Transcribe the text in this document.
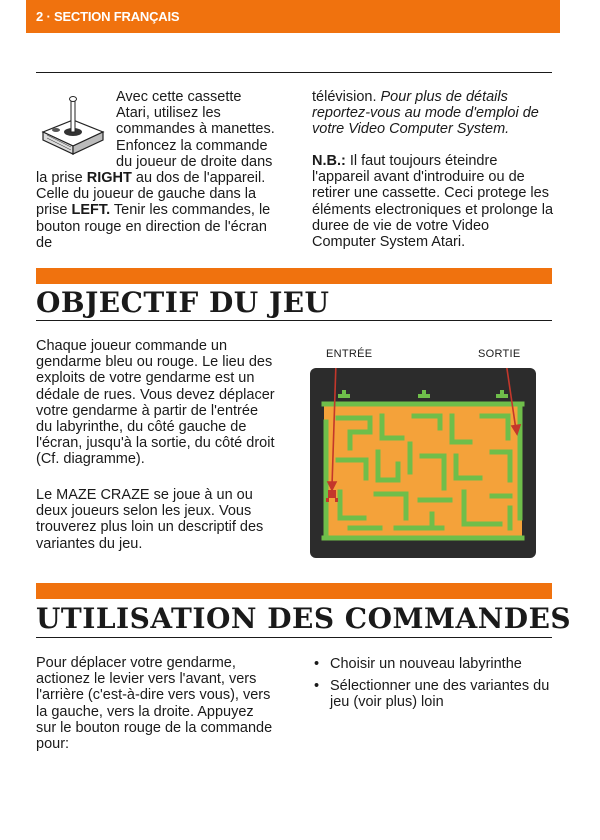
2 · SECTION FRANÇAIS

Avec cette cassette Atari, utilisez les commandes à manettes. Enfoncez la commande du joueur de droite dans la prise RIGHT au dos de l'appareil. Celle du joueur de gauche dans la prise LEFT. Tenir les commandes, le bouton rouge en direction de l'écran de

télévision. Pour plus de détails reportez-vous au mode d'emploi de votre Video Computer System.

N.B.: Il faut toujours éteindre l'appareil avant d'introduire ou de retirer une cassette. Ceci protege les éléments electroniques et prolonge la duree de vie de votre Video Computer System Atari.

OBJECTIF DU JEU

Chaque joueur commande un gendarme bleu ou rouge. Le lieu des exploits de votre gendarme est un dédale de rues. Vous devez déplacer votre gendarme à partir de l'entrée du labyrinthe, du côté gauche de l'écran, jusqu'à la sortie, du côté droit (Cf. diagramme).

Le MAZE CRAZE se joue à un ou deux joueurs selon les jeux. Vous trouverez plus loin un descriptif des variantes du jeu.

ENTRÉE	SORTIE
UTILISATION DES COMMANDES

Pour déplacer votre gendarme, actionez le levier vers l'avant, vers l'arrière (c'est-à-dire vers vous), vers la gauche, vers la droite. Appuyez sur le bouton rouge de la commande pour:

• Choisir un nouveau labyrinthe
• Sélectionner une des variantes du jeu (voir plus) loin
